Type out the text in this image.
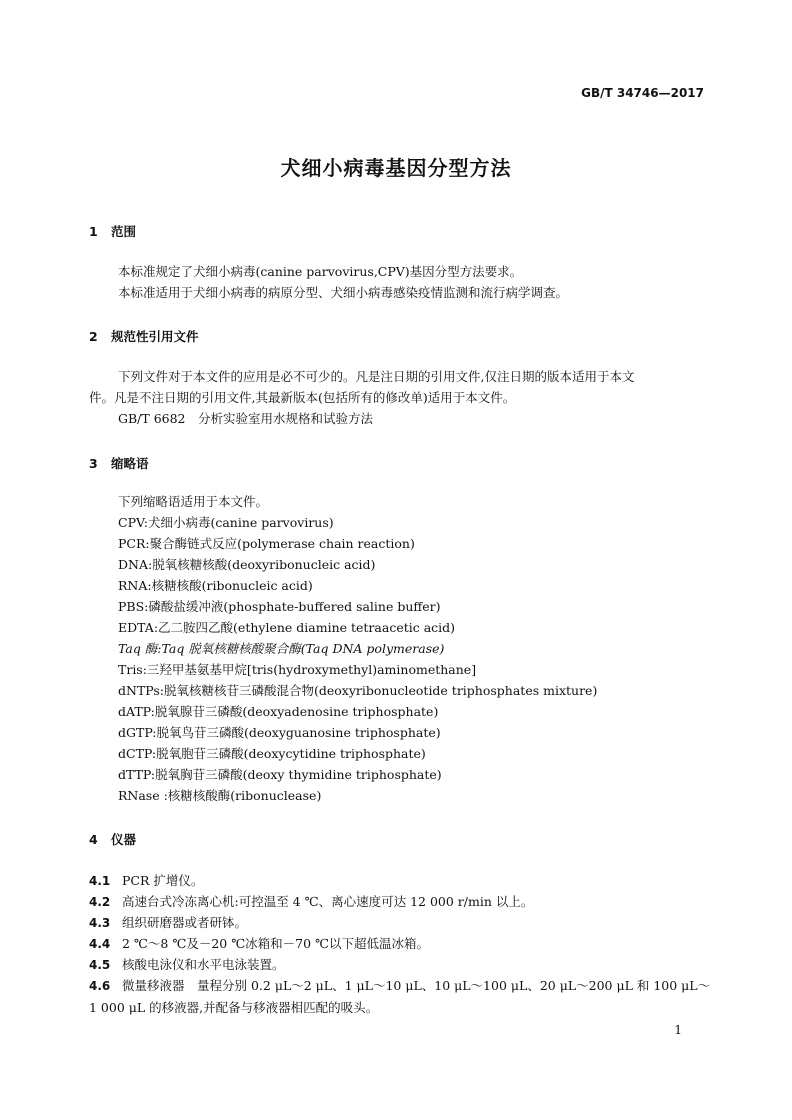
GB/T 34746—2017
犬细小病毒基因分型方法
1 范围
本标准规定了犬细小病毒(canine parvovirus,CPV)基因分型方法要求。
本标准适用于犬细小病毒的病原分型、犬细小病毒感染疫情监测和流行病学调查。
2 规范性引用文件
下列文件对于本文件的应用是必不可少的。凡是注日期的引用文件,仅注日期的版本适用于本文
件。凡是不注日期的引用文件,其最新版本(包括所有的修改单)适用于本文件。
GB/T 6682　分析实验室用水规格和试验方法
3 缩略语
下列缩略语适用于本文件。
CPV:犬细小病毒(canine parvovirus)
PCR:聚合酶链式反应(polymerase chain reaction)
DNA:脱氧核糖核酸(deoxyribonucleic acid)
RNA:核糖核酸(ribonucleic acid)
PBS:磷酸盐缓冲液(phosphate-buffered saline buffer)
EDTA:乙二胺四乙酸(ethylene diamine tetraacetic acid)
Taq 酶:Taq 脱氧核糖核酸聚合酶(Taq DNA polymerase)
Tris:三羟甲基氨基甲烷[tris(hydroxymethyl)aminomethane]
dNTPs:脱氧核糖核苷三磷酸混合物(deoxyribonucleotide triphosphates mixture)
dATP:脱氧腺苷三磷酸(deoxyadenosine triphosphate)
dGTP:脱氧鸟苷三磷酸(deoxyguanosine triphosphate)
dCTP:脱氧胞苷三磷酸(deoxycytidine triphosphate)
dTTP:脱氧胸苷三磷酸(deoxy thymidine triphosphate)
RNase :核糖核酸酶(ribonuclease)
4 仪器
4.1 PCR 扩增仪。
4.2 高速台式冷冻离心机:可控温至 4 ℃、离心速度可达 12 000 r/min 以上。
4.3 组织研磨器或者研钵。
4.4 2 ℃～8 ℃及－20 ℃冰箱和－70 ℃以下超低温冰箱。
4.5 核酸电泳仪和水平电泳装置。
4.6 微量移液器　量程分别 0.2 μL～2 μL、1 μL～10 μL、10 μL～100 μL、20 μL～200 μL 和 100 μL～
1 000 μL 的移液器,并配备与移液器相匹配的吸头。
1
